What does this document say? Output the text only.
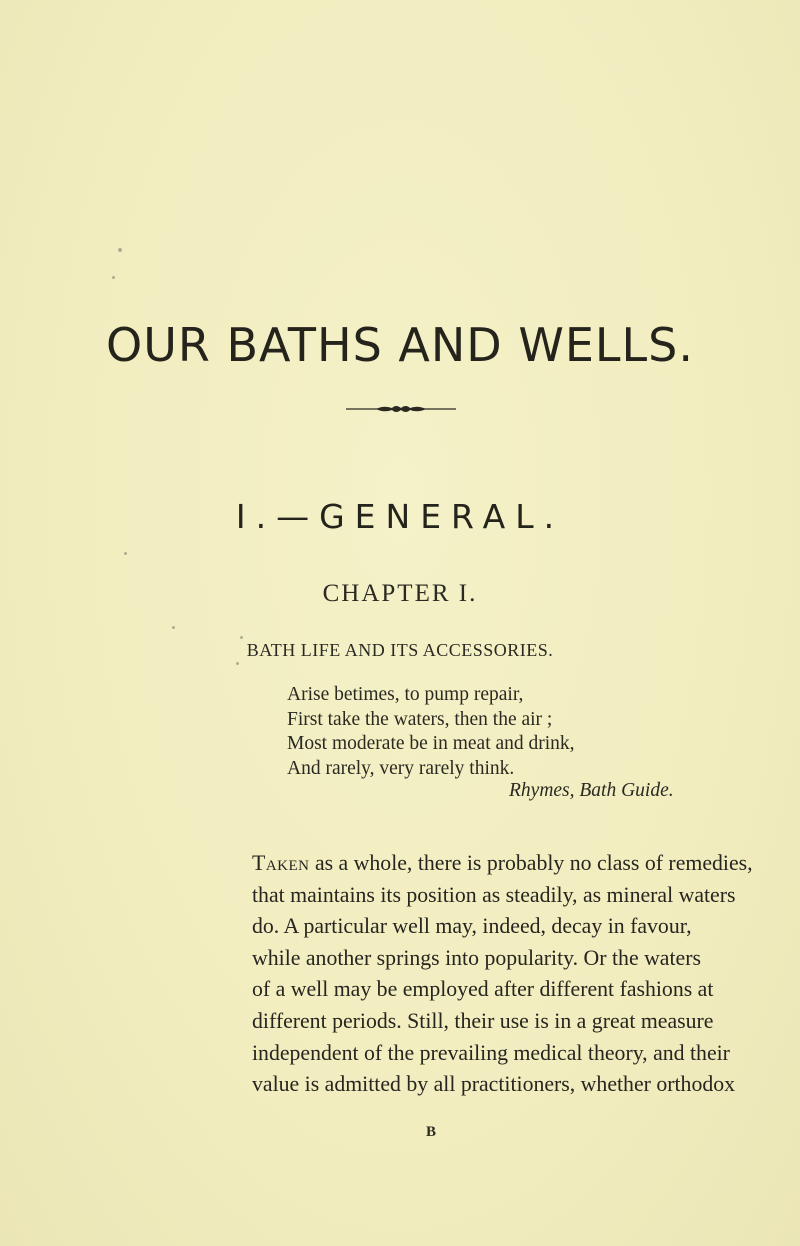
OUR BATHS AND WELLS.
I.—GENERAL.
CHAPTER I.
BATH LIFE AND ITS ACCESSORIES.
Arise betimes, to pump repair,
First take the waters, then the air ;
Most moderate be in meat and drink,
And rarely, very rarely think.
Rhymes, Bath Guide.
Taken as a whole, there is probably no class of remedies,
that maintains its position as steadily, as mineral waters
do. A particular well may, indeed, decay in favour,
while another springs into popularity. Or the waters
of a well may be employed after different fashions at
different periods. Still, their use is in a great measure
independent of the prevailing medical theory, and their
value is admitted by all practitioners, whether orthodox
B
